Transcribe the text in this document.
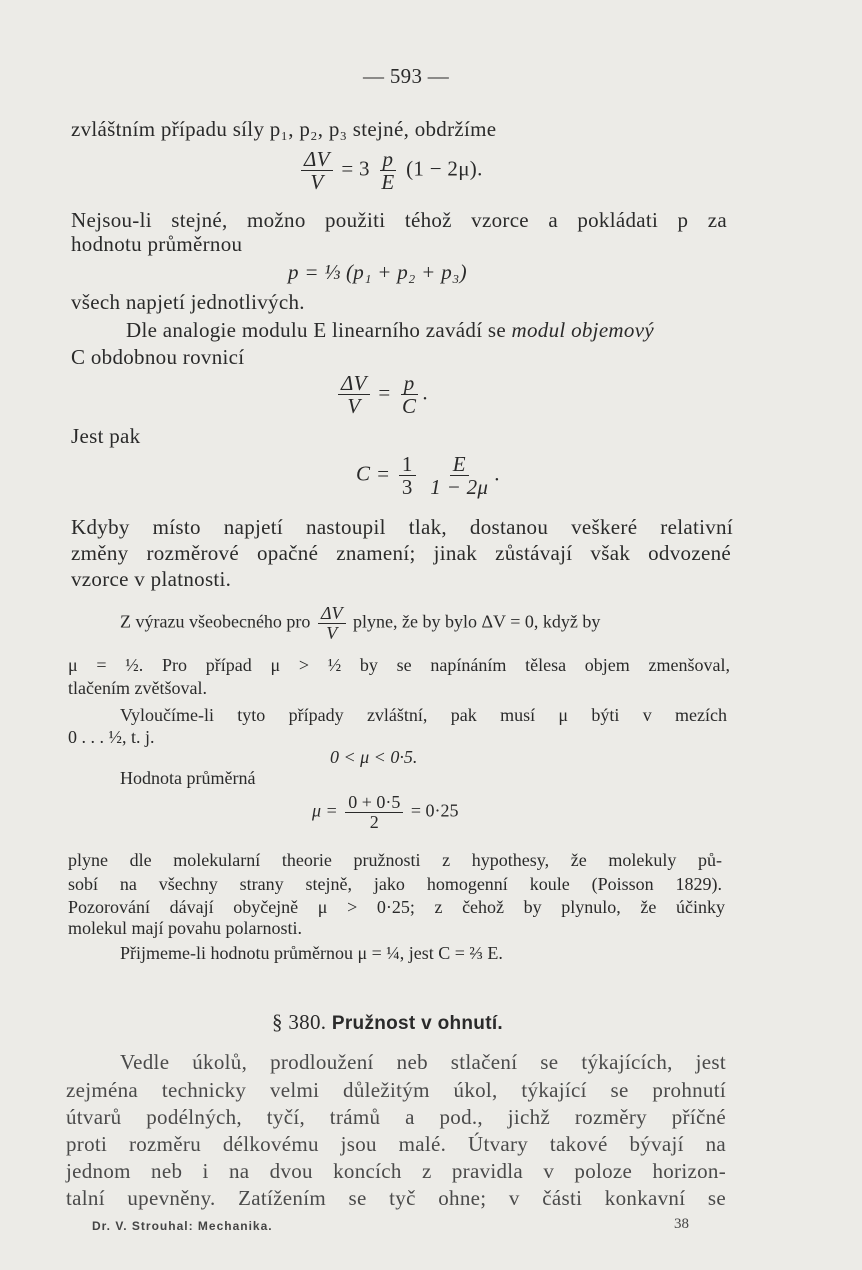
— 593 —
zvláštním případu síly p₁, p₂, p₃ stejné, obdržíme
$\frac{\Delta V}{V} = 3 \frac{p}{E} (1 - 2\mu)$.
Nejsou-li stejné, možno použiti téhož vzorce a pokládati p za
hodnotu průměrnou
p = ⅓ (p₁ + p₂ + p₃)
všech napjetí jednotlivých.
Dle analogie modulu E linearního zavádí se modul objemový
C obdobnou rovnicí
$\frac{\Delta V}{V} = \frac{p}{C}$ .
Jest pak
$C = \frac{1}{3}$
$\frac{E}{1 - 2\mu}$ .
Kdyby místo napjetí nastoupil tlak, dostanou veškeré relativní
změny rozměrové opačné znamení; jinak zůstávají však odvozené
vzorce v platnosti.
Z výrazu všeobecného pro $\frac{\Delta V}{V}$ plyne, že by bylo ΔV = 0, když by
μ = ½. Pro případ μ > ½ by se napínáním tělesa objem zmenšoval,
tlačením zvětšoval.
Vyloučíme-li tyto případy zvláštní, pak musí μ býti v mezích
0 . . . ½, t. j.
0 < μ < 0·5.
Hodnota průměrná
$\mu = \frac{0 + 0\cdot 5}{2} = 0\cdot 25$
plyne dle molekularní theorie pružnosti z hypothesy, že molekuly pů-
sobí na všechny strany stejně, jako homogenní koule (Poisson 1829).
Pozorování dávají obyčejně μ > 0·25; z čehož by plynulo, že účinky
molekul mají povahu polarnosti.
Přijmeme-li hodnotu průměrnou μ = ¼, jest C = ⅔ E.
§ 380. Pružnost v ohnutí.
Vedle úkolů, prodloužení neb stlačení se týkajících, jest
zejména technicky velmi důležitým úkol, týkající se prohnutí
útvarů podélných, tyčí, trámů a pod., jichž rozměry příčné
proti rozměru délkovému jsou malé. Útvary takové bývají na
jednom neb i na dvou koncích z pravidla v poloze horizon-
talní upevněny. Zatížením se tyč ohne; v části konkavní se
Dr. V. Strouhal: Mechanika.	38
